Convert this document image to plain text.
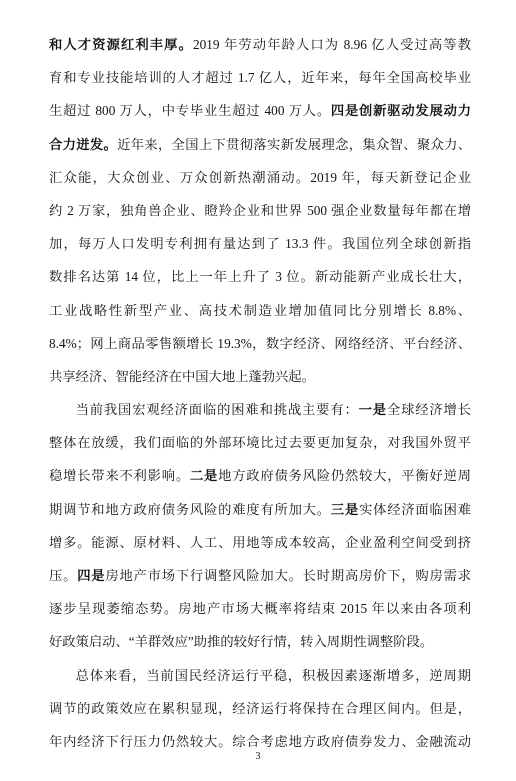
和人才资源红利丰厚。2019 年劳动年龄人口为 8.96 亿人受过高等教
育和专业技能培训的人才超过 1.7 亿人，近年来，每年全国高校毕业
生超过 800 万人，中专毕业生超过 400 万人。四是创新驱动发展动力
合力迸发。近年来，全国上下贯彻落实新发展理念，集众智、聚众力、
汇众能，大众创业、万众创新热潮涌动。2019 年，每天新登记企业
约 2 万家，独角兽企业、瞪羚企业和世界 500 强企业数量每年都在增
加，每万人口发明专利拥有量达到了 13.3 件。我国位列全球创新指
数排名达第 14 位，比上一年上升了 3 位。新动能新产业成长壮大，
工业战略性新型产业、高技术制造业增加值同比分别增长 8.8%、
8.4%；网上商品零售额增长 19.3%，数字经济、网络经济、平台经济、
共享经济、智能经济在中国大地上蓬勃兴起。
当前我国宏观经济面临的困难和挑战主要有：一是全球经济增长
整体在放缓，我们面临的外部环境比过去要更加复杂，对我国外贸平
稳增长带来不利影响。二是地方政府债务风险仍然较大，平衡好逆周
期调节和地方政府债务风险的难度有所加大。三是实体经济面临困难
增多。能源、原材料、人工、用地等成本较高，企业盈利空间受到挤
压。四是房地产市场下行调整风险加大。长时期高房价下，购房需求
逐步呈现萎缩态势。房地产市场大概率将结束 2015 年以来由各项利
好政策启动、“羊群效应”助推的较好行情，转入周期性调整阶段。
总体来看，当前国民经济运行平稳，积极因素逐渐增多，逆周期
调节的政策效应在累积显现，经济运行将保持在合理区间内。但是，
年内经济下行压力仍然较大。综合考虑地方政府债券发力、金融流动
3
